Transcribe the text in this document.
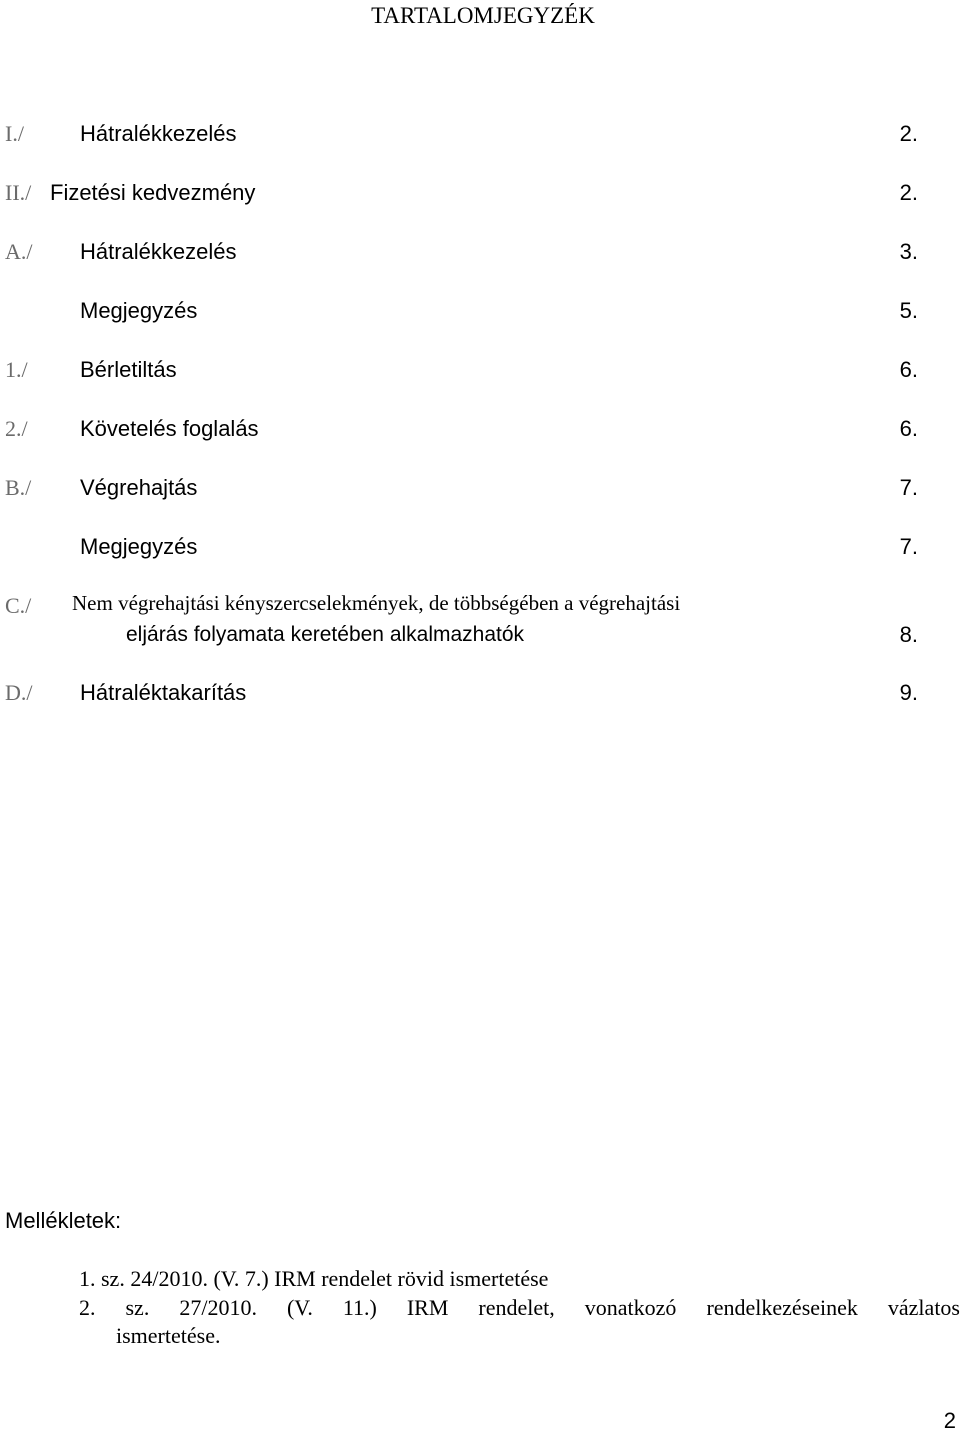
TARTALOMJEGYZÉK
I./	Hátralékkezelés	2.
II./ Fizetési kedvezmény	2.
A./ Hátralékkezelés	3.
Megjegyzés	5.
1./ Bérletiltás	6.
2./ Követelés foglalás	6.
B./ Végrehajtás	7.
Megjegyzés	7.
C./ Nem végrehajtási kényszercselekmények, de többségében a végrehajtási
eljárás folyamata keretében alkalmazhatók	8.
D./ Hátraléktakarítás	9.
Mellékletek:
1. sz. 24/2010. (V. 7.) IRM rendelet rövid ismertetése
2. sz. 27/2010. (V. 11.) IRM rendelet, vonatkozó rendelkezéseinek vázlatos
ismertetése.
2
